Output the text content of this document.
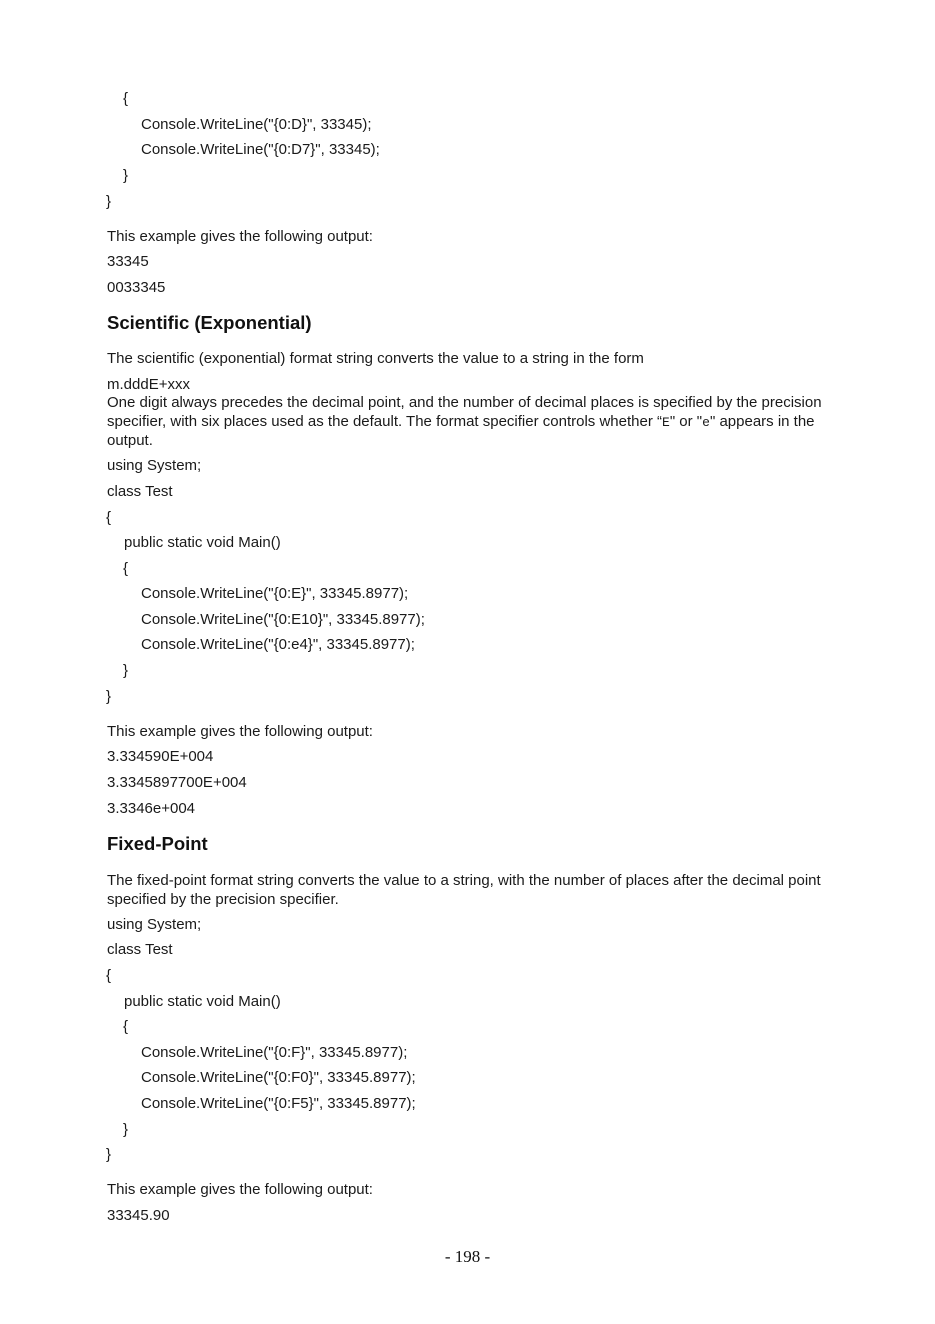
{
Console.WriteLine("{0:D}", 33345);
Console.WriteLine("{0:D7}", 33345);
}
}
This example gives the following output:
33345
0033345
Scientific (Exponential)
The scientific (exponential) format string converts the value to a string in the form
m.dddE+xxx
One digit always precedes the decimal point, and the number of decimal places is specified by the precision specifier, with six places used as the default. The format specifier controls whether “E" or "e" appears in the output.
using System;
class Test
{
public static void Main()
{
Console.WriteLine("{0:E}", 33345.8977);
Console.WriteLine("{0:E10}", 33345.8977);
Console.WriteLine("{0:e4}", 33345.8977);
}
}
This example gives the following output:
3.334590E+004
3.3345897700E+004
3.3346e+004
Fixed-Point
The fixed-point format string converts the value to a string, with the number of places after the decimal point specified by the precision specifier.
using System;
class Test
{
public static void Main()
{
Console.WriteLine("{0:F}", 33345.8977);
Console.WriteLine("{0:F0}", 33345.8977);
Console.WriteLine("{0:F5}", 33345.8977);
}
}
This example gives the following output:
33345.90
- 198 -
